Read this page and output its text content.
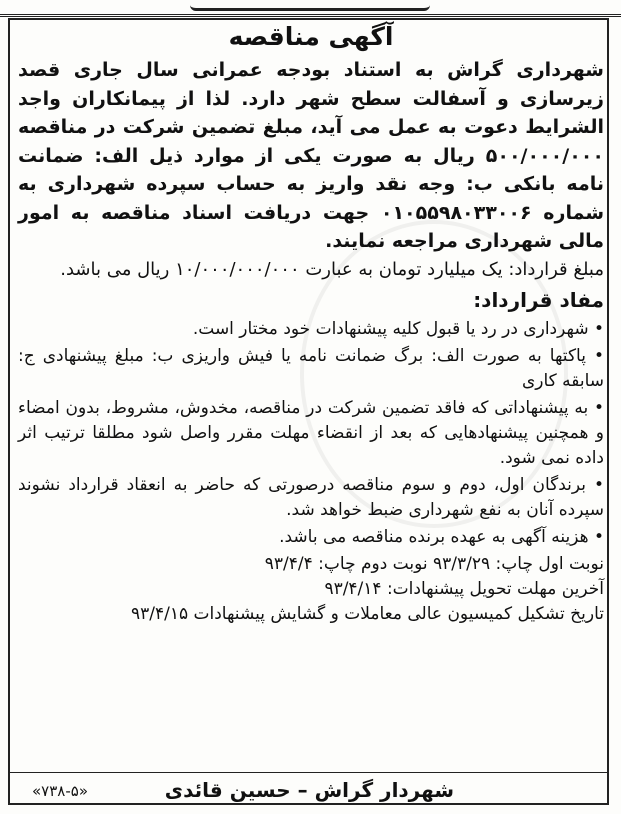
آگهی مناقصه
شهرداری گراش به استناد بودجه عمرانی سال جاری قصد زیرسازی و آسفالت سطح شهر دارد. لذا از پیمانکاران واجد الشرایط دعوت به عمل می آید، مبلغ تضمین شرکت در مناقصه ۵۰۰/۰۰۰/۰۰۰ ریال به صورت یکی از موارد ذیل الف: ضمانت نامه بانکی ب: وجه نقد واریز به حساب سپرده شهرداری به شماره ۰۱۰۵۵۹۸۰۳۳۰۰۶ جهت دریافت اسناد مناقصه به امور مالی شهرداری مراجعه نمایند.
مبلغ قرارداد: یک میلیارد تومان به عبارت ۱۰/۰۰۰/۰۰۰/۰۰۰ ریال می باشد.
مفاد قرارداد:
• شهرداری در رد یا قبول کلیه پیشنهادات خود مختار است.
• پاکتها به صورت الف: برگ ضمانت نامه یا فیش واریزی ب: مبلغ پیشنهادی ج: سابقه کاری
• به پیشنهاداتی که فاقد تضمین شرکت در مناقصه، مخدوش، مشروط، بدون امضاء و همچنین پیشنهادهایی که بعد از انقضاء مهلت مقرر واصل شود مطلقا ترتیب اثر داده نمی شود.
• برندگان اول، دوم و سوم مناقصه درصورتی که حاضر به انعقاد قرارداد نشوند سپرده آنان به نفع شهرداری ضبط خواهد شد.
• هزینه آگهی به عهده برنده مناقصه می باشد.
نوبت اول چاپ: ۹۳/۳/۲۹ نوبت دوم چاپ: ۹۳/۴/۴
آخرین مهلت تحویل پیشنهادات: ۹۳/۴/۱۴
تاریخ تشکیل کمیسیون عالی معاملات و گشایش پیشنهادات ۹۳/۴/۱۵
شهردار گراش – حسین قائدی
«۷۳۸-۵»
